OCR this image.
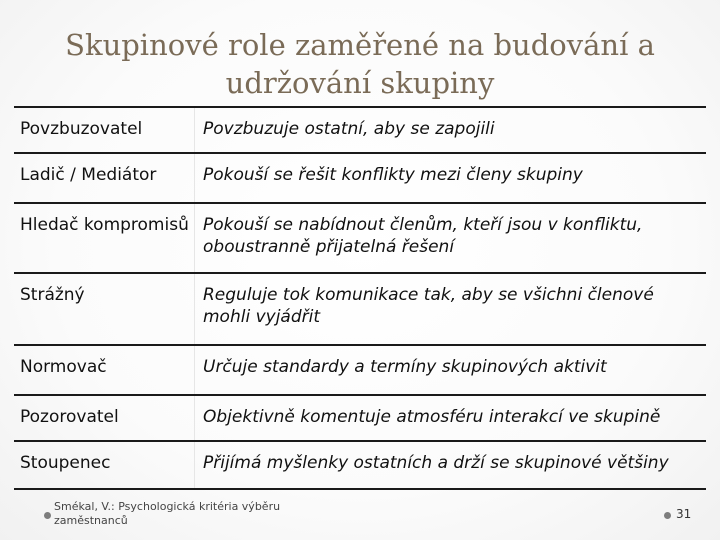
Skupinové role zaměřené na budování a udržování skupiny
Povzbuzovatel	Povzbuzuje ostatní, aby se zapojili
Ladič / Mediátor	Pokouší se řešit konflikty mezi členy skupiny
Hledač kompromisů	Pokouší se nabídnout členům, kteří jsou v konfliktu, oboustranně přijatelná řešení
Strážný	Reguluje tok komunikace tak, aby se všichni členové mohli vyjádřit
Normovač	Určuje standardy a termíny skupinových aktivit
Pozorovatel	Objektivně komentuje atmosféru interakcí ve skupině
Stoupenec	Přijímá myšlenky ostatních a drží se skupinové většiny
Smékal, V.: Psychologická kritéria výběru zaměstnanců	31
